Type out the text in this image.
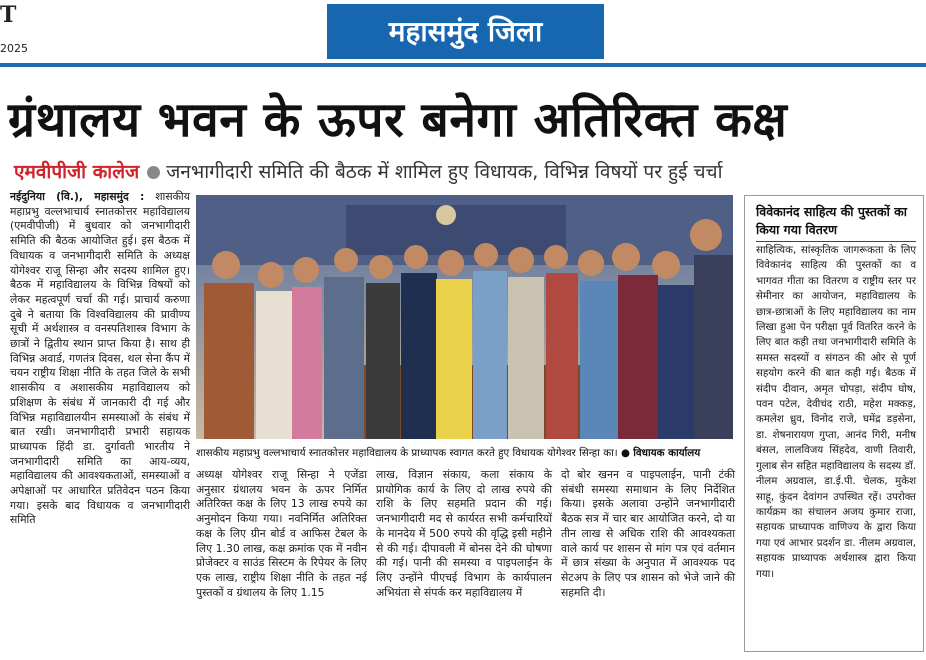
T
2025
महासमुंद जिला
ग्रंथालय भवन के ऊपर बनेगा अतिरिक्त कक्ष
एमवीपीजी कालेज जनभागीदारी समिति की बैठक में शामिल हुए विधायक, विभिन्न विषयों पर हुई चर्चा
नईदुनिया (वि.), महासमुंद : शासकीय महाप्रभु वल्लभाचार्य स्नातकोत्तर महाविद्यालय (एमवीपीजी) में बुधवार को जनभागीदारी समिति की बैठक आयोजित हुई। इस बैठक में विधायक व जनभागीदारी समिति के अध्यक्ष योगेश्वर राजू सिन्हा और सदस्य शामिल हुए। बैठक में महाविद्यालय के विभिन्न विषयों को लेकर महत्वपूर्ण चर्चा की गई। प्राचार्य करुणा दुबे ने बताया कि विश्वविद्यालय की प्रावीण्य सूची में अर्थशास्त्र व वनस्पतिशास्त्र विभाग के छात्रों ने द्वितीय स्थान प्राप्त किया है। साथ ही विभिन्न अवार्ड, गणतंत्र दिवस, थल सेना कैंप में चयन राष्ट्रीय शिक्षा नीति के तहत जिले के सभी शासकीय व अशासकीय महाविद्यालय को प्रशिक्षण के संबंध में जानकारी दी गई और विभिन्न महाविद्यालयीन समस्याओं के संबंध में बात रखी। जनभागीदारी प्रभारी सहायक प्राध्यापक हिंदी डा. दुर्गावती भारतीय ने जनभागीदारी समिति का आय-व्यय, महाविद्यालय की आवश्यकताओं, समस्याओं व अपेक्षाओं पर आधारित प्रतिवेदन पठन किया गया। इसके बाद विधायक व जनभागीदारी समिति
शासकीय महाप्रभु वल्लभाचार्य स्नातकोत्तर महाविद्यालय के प्राध्यापक स्वागत करते हुए विधायक योगेश्वर सिन्हा का। ● विधायक कार्यालय
अध्यक्ष योगेश्वर राजू सिन्हा ने एजेंडा अनुसार ग्रंथालय भवन के ऊपर निर्मित अतिरिक्त कक्ष के लिए 13 लाख रुपये का अनुमोदन किया गया। नवनिर्मित अतिरिक्त कक्ष के लिए ग्रीन बोर्ड व आफिस टेबल के लिए 1.30 लाख, कक्ष क्रमांक एक में नवीन प्रोजेक्टर व साउंड सिस्टम के रिपेयर के लिए एक लाख, राष्ट्रीय शिक्षा नीति के तहत नई पुस्तकों व ग्रंथालय के लिए 1.15
लाख, विज्ञान संकाय, कला संकाय के प्रायोगिक कार्य के लिए दो लाख रुपये की राशि के लिए सहमति प्रदान की गई। जनभागीदारी मद से कार्यरत सभी कर्मचारियों के मानदेय में 500 रुपये की वृद्धि इसी महीने से की गई। दीपावली में बोनस देने की घोषणा की गई। पानी की समस्या व पाइपलाईन के लिए उन्होंने पीएचई विभाग के कार्यपालन अभियंता से संपर्क कर महाविद्यालय में
दो बोर खनन व पाइपलाईन, पानी टंकी संबंधी समस्या समाधान के लिए निर्देशित किया। इसके अलावा उन्होंने जनभागीदारी बैठक सत्र में चार बार आयोजित करने, दो या तीन लाख से अधिक राशि की आवश्यकता वाले कार्य पर शासन से मांग पत्र एवं वर्तमान में छात्र संख्या के अनुपात में आवश्यक पद सेटअप के लिए पत्र शासन को भेजे जाने की सहमति दी।
विवेकानंद साहित्य की पुस्तकों का किया गया वितरण
साहित्यिक, सांस्कृतिक जागरूकता के लिए विवेकानंद साहित्य की पुस्तकों का व भागवत गीता का वितरण व राष्ट्रीय स्तर पर सेमीनार का आयोजन, महाविद्यालय के छात्र-छात्राओं के लिए महाविद्यालय का नाम लिखा हुआ पेन परीक्षा पूर्व वितरित करने के लिए बात कही तथा जनभागीदारी समिति के समस्त सदस्यों व संगठन की ओर से पूर्ण सहयोग करने की बात कही गई। बैठक में संदीप दीवान, अमृत चोपड़ा, संदीप घोष, पवन पटेल, देवीचंद राठी, महेश मक्कड़, कमलेश ध्रुव, विनोद राजे, घमेंद्र डड़सेना, डा. शेषनारायण गुप्ता, आनंद गिरी, मनीष बंसल, लालविजय सिंहदेव, वाणी तिवारी, गुलाब सेन सहित महाविद्यालय के सदस्य डॉ. नीलम अग्रवाल, डा.ई.पी. चेलक, मुकेश साहू, कुंदन देवांगन उपस्थित रहें। उपरोक्त कार्यक्रम का संचालन अजय कुमार राजा, सहायक प्राध्यापक वाणिज्य के द्वारा किया गया एवं आभार प्रदर्शन डा. नीलम अग्रवाल, सहायक प्राध्यापक अर्थशास्त्र द्वारा किया गया।
